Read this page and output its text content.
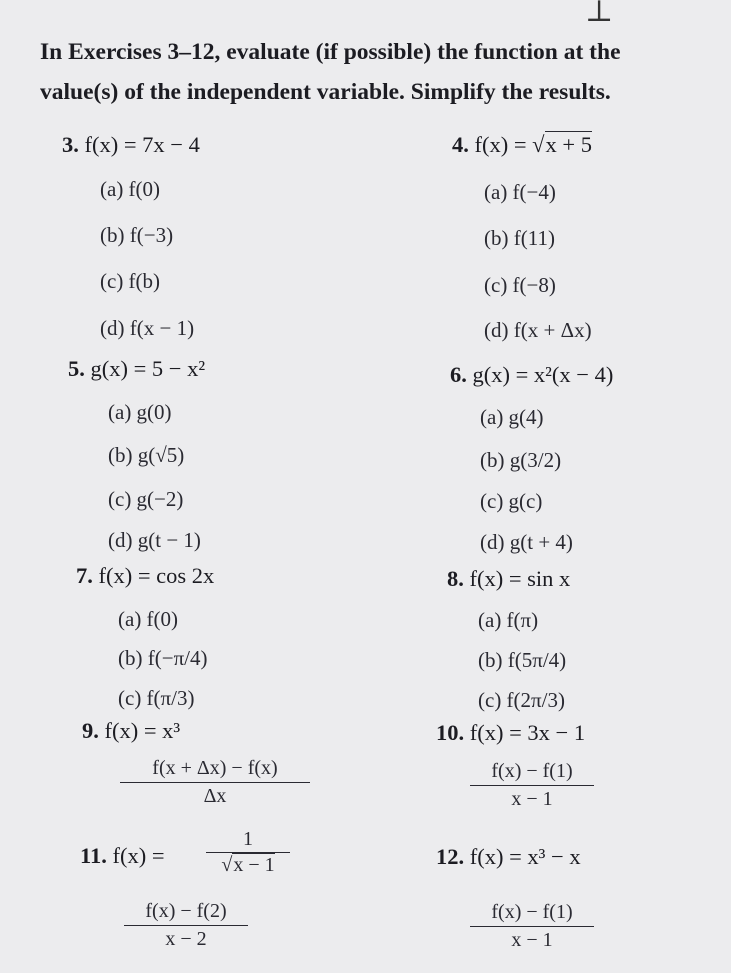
⊥
In Exercises 3–12, evaluate (if possible) the function at the
value(s) of the independent variable. Simplify the results.
3. f(x) = 7x − 4
(a) f(0)
(b) f(−3)
(c) f(b)
(d) f(x − 1)
4. f(x) = √x + 5
(a) f(−4)
(b) f(11)
(c) f(−8)
(d) f(x + Δx)
5. g(x) = 5 − x²
(a) g(0)
(b) g(√5)
(c) g(−2)
(d) g(t − 1)
6. g(x) = x²(x − 4)
(a) g(4)
(b) g(3/2)
(c) g(c)
(d) g(t + 4)
7. f(x) = cos 2x
(a) f(0)
(b) f(−π/4)
(c) f(π/3)
8. f(x) = sin x
(a) f(π)
(b) f(5π/4)
(c) f(2π/3)
9. f(x) = x³
$\frac{f(x + \Delta x) - f(x)}{\Delta x}$
10. f(x) = 3x − 1
$\frac{f(x) - f(1)}{x - 1}$
11. $f(x) = \frac{1}{√x - 1}$
$\frac{f(x) - f(2)}{x - 2}$
12. f(x) = x³ − x
$\frac{f(x) - f(1)}{x - 1}$
